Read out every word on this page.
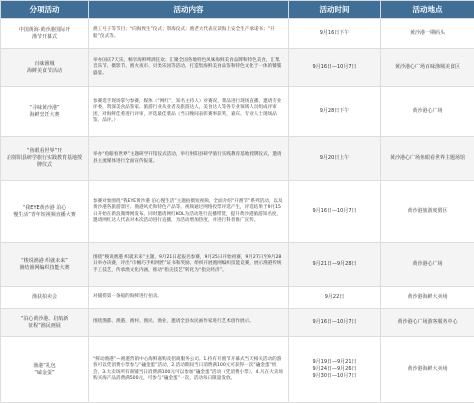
分项活动	活动内容	活动时间	活动地点

中国黄海·黄沙港国际开
渔节开幕式	渔工号子等节目；“向海致生”仪式；祭海仪式；渔老大代表宣读海上安全生产承诺书；“开船”仪式等。	9月16日下午	黄沙港一期码头

百味渔城
海鲜美食节活动	举办国庆7天乐，畅享海鲜啤酒狂欢；汇聚全国各地特色风味海鲜美食品牌和特色美食，汇集音乐节、摄影节、渔火夜市、贝类乐园等活动，打造集海鲜美食品鉴和特色文化于一体的饕餮盛宴。	9月16日—10月7日	黄沙港心广场百味渔城美食区

“寻味黄沙港”
海鲜烹饪大赛	参赛选手现场掌勺参赛，媒体（“网红”，知名主持人）对赛况、菜品进行现场直播，邀请专业评委，资深美食品鉴家、旅游行业从业者及旅游达人、美食达人等各专业领域人员组成评审团，对海鲜佳肴进行评审，评选最佳菜品（当日晚间表彰赛事获奖，嘉宾、专业人士现场品鉴、品评。）	9月28日下午	黄沙港心广场

“鱼眼看世界”开
启射阳县研学旅行实践教育基地授牌仪式	举办“鱼眼看世界”主题研学开馆仪式活动，举行射阳县研学旅行实践教育基地授牌仪式，邀请县主流媒体进行全面宣传报道。	9月20日上午	黄沙港心广场鱼眼看世界主题场馆

“我EYE黄沙港 泊心
慢生活”青年短视频直播大赛	参赛对象围绕“我EYE黄沙港 泊心慢生活”主题拍摄短视频，全面介绍“开渔节”系列活动，以及黄沙港各旅游景区、渔港风光和特色产品等。视频通过网络投票评选产生，评选结果于9月15日开始在新浪微博网发布。同时邀请网红KOL为活动进行直播带货，提升黄沙港旅游知名度，邀请网红达人代表对本次活动进行直播，为活动增加热度，并进行科普推广宣传。	9月16日—10月7日	黄沙港旅游度假区

“梭说渔港 织就未来”
渔结渔网编织技能大赛	围绕“梭说渔港 织就未来”主题，9月21日起报名参赛，9月25日开始初赛，9月27日至9月28日举办决赛，评出“巾帼巧手织网匠”证书和奖励。组织开展渔网编织技能竞赛，展示渔港传统手工技艺，传承渔文化内涵，推动“指尖技艺”转化为“指尖经济”。	9月21日—9月28日	黄沙港心广场

渔获拍卖会	对捕捞第一条船的海鲜进行拍卖。	9月22日	黄沙港海鲜大卖场

“泊心黄沙港、启航新
征程”渔民画展	围绕渔都、渔港、渔村、渔民、渔业，邀请全县农民画作家进行艺术创作展示。	9月16日—10月7日	黄沙港心广场游客服务中心

渔港“礼包
“磕金蛋”	“鲜动渔港”—渔港营销中心海鲜嘉购及招商服务公司。1.持有开渔节开幕式当天相关活动的游客可以凭消费小票参与“磕金蛋”活动，2.活动期间当日消费满100元可获得一次“磕金蛋”机会，3.大卖场所有商铺当日消费满100元可以参加“磕金蛋”活动（凭消费小票），4.凡在大卖场购买海产品消费满500元，可参与“磕金蛋”一次，活动每日限量发放。	9月19日—9月21日
9月24日—9月26日
9月30日—10月7日	黄沙港海鲜大卖场
